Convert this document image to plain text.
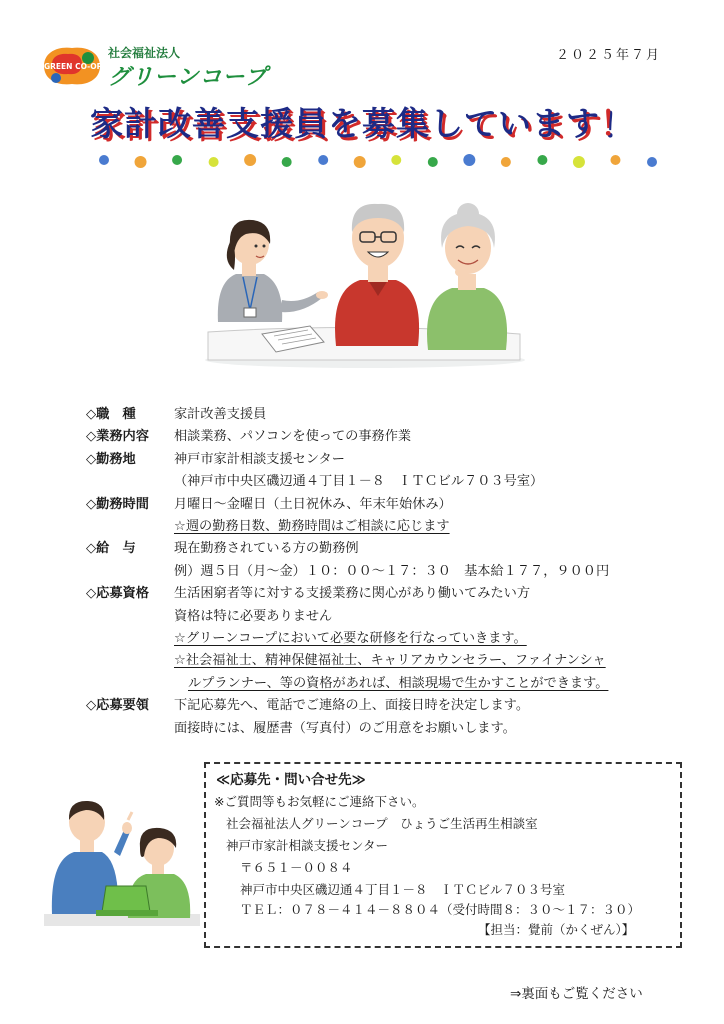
GREEN CO-OP
社会福祉法人
グリーンコープ
２０２５年７月
家計改善支援員を募集しています！
◇職　種	家計改善支援員
◇業務内容	相談業務、パソコンを使っての事務作業
◇勤務地	神戸市家計相談支援センター
（神戸市中央区磯辺通４丁目１－８　ＩＴＣビル７０３号室）
◇勤務時間	月曜日～金曜日（土日祝休み、年末年始休み）
☆週の勤務日数、勤務時間はご相談に応じます
◇給　与	現在勤務されている方の勤務例
例）週５日（月～金）１０：００～１７：３０　基本給１７７，９００円
◇応募資格	生活困窮者等に対する支援業務に関心があり働いてみたい方
資格は特に必要ありません
☆グリーンコープにおいて必要な研修を行なっていきます。
☆社会福祉士、精神保健福祉士、キャリアカウンセラー、ファイナンシャ
ルプランナー、等の資格があれば、相談現場で生かすことができます。
◇応募要領	下記応募先へ、電話でご連絡の上、面接日時を決定します。
面接時には、履歴書（写真付）のご用意をお願いします。
≪応募先・問い合せ先≫
※ご質問等もお気軽にご連絡下さい。
社会福祉法人グリーンコープ　ひょうご生活再生相談室
神戸市家計相談支援センター
〒６５１－００８４
神戸市中央区磯辺通４丁目１－８　ＩＴＣビル７０３号室
ＴＥＬ：０７８－４１４－８８０４（受付時間８：３０～１７：３０）
【担当：覺前（かくぜん）】
⇒裏面もご覧ください
